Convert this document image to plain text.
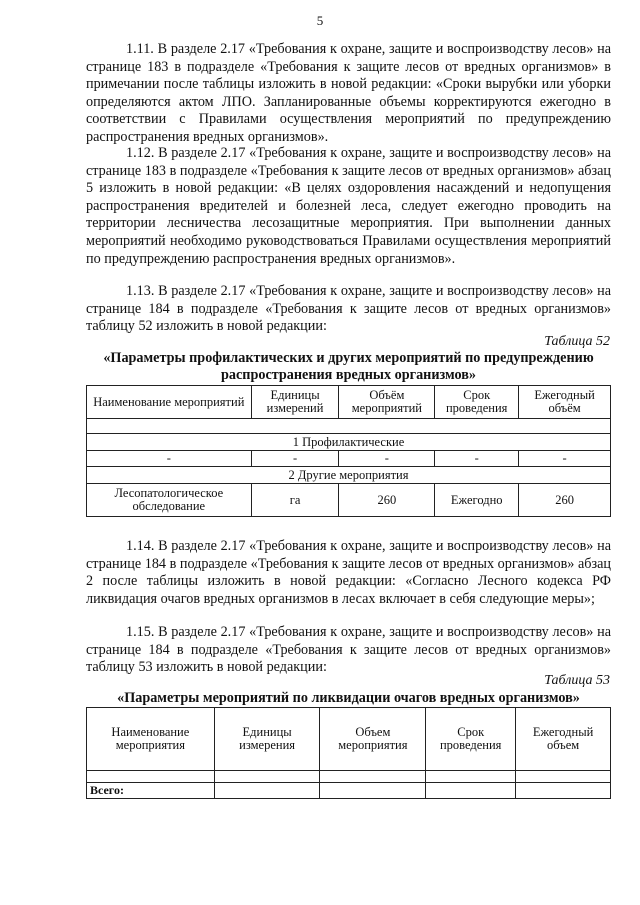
5

1.11. В разделе 2.17 «Требования к охране, защите и воспроизводству лесов» на странице 183 в подразделе «Требования к защите лесов от вредных организмов» в примечании после таблицы изложить в новой редакции: «Сроки вырубки или уборки определяются актом ЛПО. Запланированные объемы корректируются ежегодно в соответствии с Правилами осуществления мероприятий по предупреждению распространения вредных организмов».

1.12. В разделе 2.17 «Требования к охране, защите и воспроизводству лесов» на странице 183 в подразделе «Требования к защите лесов от вредных организмов» абзац 5 изложить в новой редакции: «В целях оздоровления насаждений и недопущения распространения вредителей и болезней леса, следует ежегодно проводить на территории лесничества лесозащитные мероприятия. При выполнении данных мероприятий необходимо руководствоваться Правилами осуществления мероприятий по предупреждению распространения вредных организмов».

1.13. В разделе 2.17 «Требования к охране, защите и воспроизводству лесов» на странице 184 в подразделе «Требования к защите лесов от вредных организмов» таблицу 52 изложить в новой редакции:

Таблица 52

«Параметры профилактических и других мероприятий по предупреждению распространения вредных организмов»

Наименование мероприятий	Единицы измерений	Объём мероприятий	Срок проведения	Ежегодный объём

1 Профилактические				
-	-	-	-	-
2 Другие мероприятия				
Лесопатологическое обследование	га	260	Ежегодно	260

1.14. В разделе 2.17 «Требования к охране, защите и воспроизводству лесов» на странице 184 в подразделе «Требования к защите лесов от вредных организмов» абзац 2 после таблицы изложить в новой редакции: «Согласно Лесного кодекса РФ ликвидация очагов вредных организмов в лесах включает в себя следующие меры»;

1.15. В разделе 2.17 «Требования к охране, защите и воспроизводству лесов» на странице 184 в подразделе «Требования к защите лесов от вредных организмов» таблицу 53 изложить в новой редакции:

Таблица 53

«Параметры мероприятий по ликвидации очагов вредных организмов»

Наименование мероприятия	Единицы измерения	Объем мероприятия	Срок проведения	Ежегодный объем

Всего:				
